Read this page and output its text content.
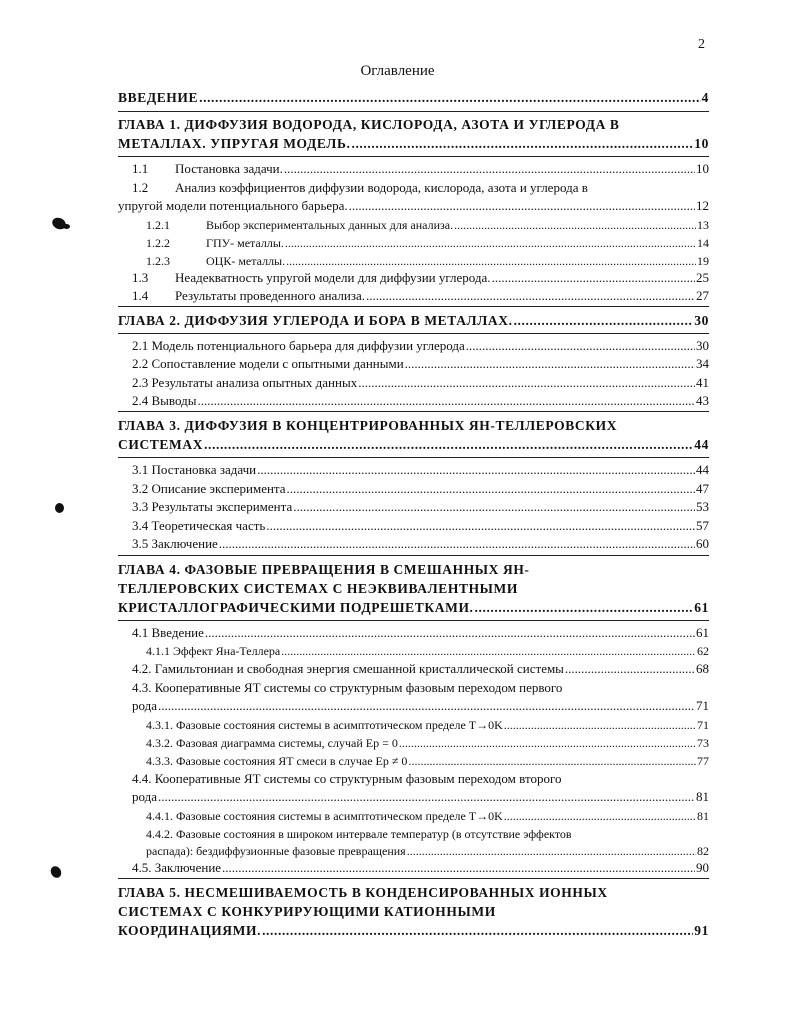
2
Оглавление
ВВЕДЕНИЕ .....	4
ГЛАВА 1. ДИФФУЗИЯ ВОДОРОДА, КИСЛОРОДА, АЗОТА И УГЛЕРОДА В
МЕТАЛЛАХ. УПРУГАЯ МОДЕЛЬ. .....	10
1.1 Постановка задачи. .....	10
1.2 Анализ коэффициентов диффузии водорода, кислорода, азота и углерода в
упругой модели потенциального барьера. .....	12
1.2.1	Выбор экспериментальных данных для анализа. .....	13
1.2.2	ГПУ- металлы. .....	14
1.2.3	ОЦК- металлы. .....	19
1.3 Неадекватность упругой модели для диффузии углерода. .....	25
1.4 Результаты проведенного анализа. .....	27
ГЛАВА 2. ДИФФУЗИЯ УГЛЕРОДА И БОРА В МЕТАЛЛАХ. .....	30
2.1 Модель потенциального барьера для диффузии углерода .....	30
2.2 Сопоставление модели с опытными данными .....	34
2.3 Результаты анализа опытных данных .....	41
2.4 Выводы .....	43
ГЛАВА 3. ДИФФУЗИЯ В КОНЦЕНТРИРОВАННЫХ ЯН-ТЕЛЛЕРОВСКИХ
СИСТЕМАХ .....	44
3.1 Постановка задачи .....	44
3.2 Описание эксперимента .....	47
3.3 Результаты эксперимента .....	53
3.4 Теоретическая часть .....	57
3.5 Заключение .....	60
ГЛАВА 4. ФАЗОВЫЕ ПРЕВРАЩЕНИЯ В СМЕШАННЫХ ЯН-
ТЕЛЛЕРОВСКИХ СИСТЕМАХ С НЕЭКВИВАЛЕНТНЫМИ
КРИСТАЛЛОГРАФИЧЕСКИМИ ПОДРЕШЕТКАМИ. .....	61
4.1 Введение .....	61
4.1.1 Эффект Яна-Теллера .....	62
4.2. Гамильтониан и свободная энергия смешанной кристаллической системы .....	68
4.3. Кооперативные ЯТ системы со структурным фазовым переходом первого
рода .....	71
4.3.1. Фазовые состояния системы в асимптотическом пределе T→0K .....	71
4.3.2. Фазовая диаграмма системы, случай Ep = 0 .....	73
4.3.3. Фазовые состояния ЯТ смеси в случае Ep ≠ 0 .....	77
4.4. Кооперативные ЯТ системы со структурным фазовым переходом второго
рода .....	81
4.4.1. Фазовые состояния системы в асимптотическом пределе T→0K .....	81
4.4.2. Фазовые состояния в широком интервале температур (в отсутствие эффектов
распада): бездиффузионные фазовые превращения .....	82
4.5. Заключение .....	90
ГЛАВА 5. НЕСМЕШИВАЕМОСТЬ В КОНДЕНСИРОВАННЫХ ИОННЫХ
СИСТЕМАХ С КОНКУРИРУЮЩИМИ КАТИОННЫМИ
КООРДИНАЦИЯМИ. .....	91
